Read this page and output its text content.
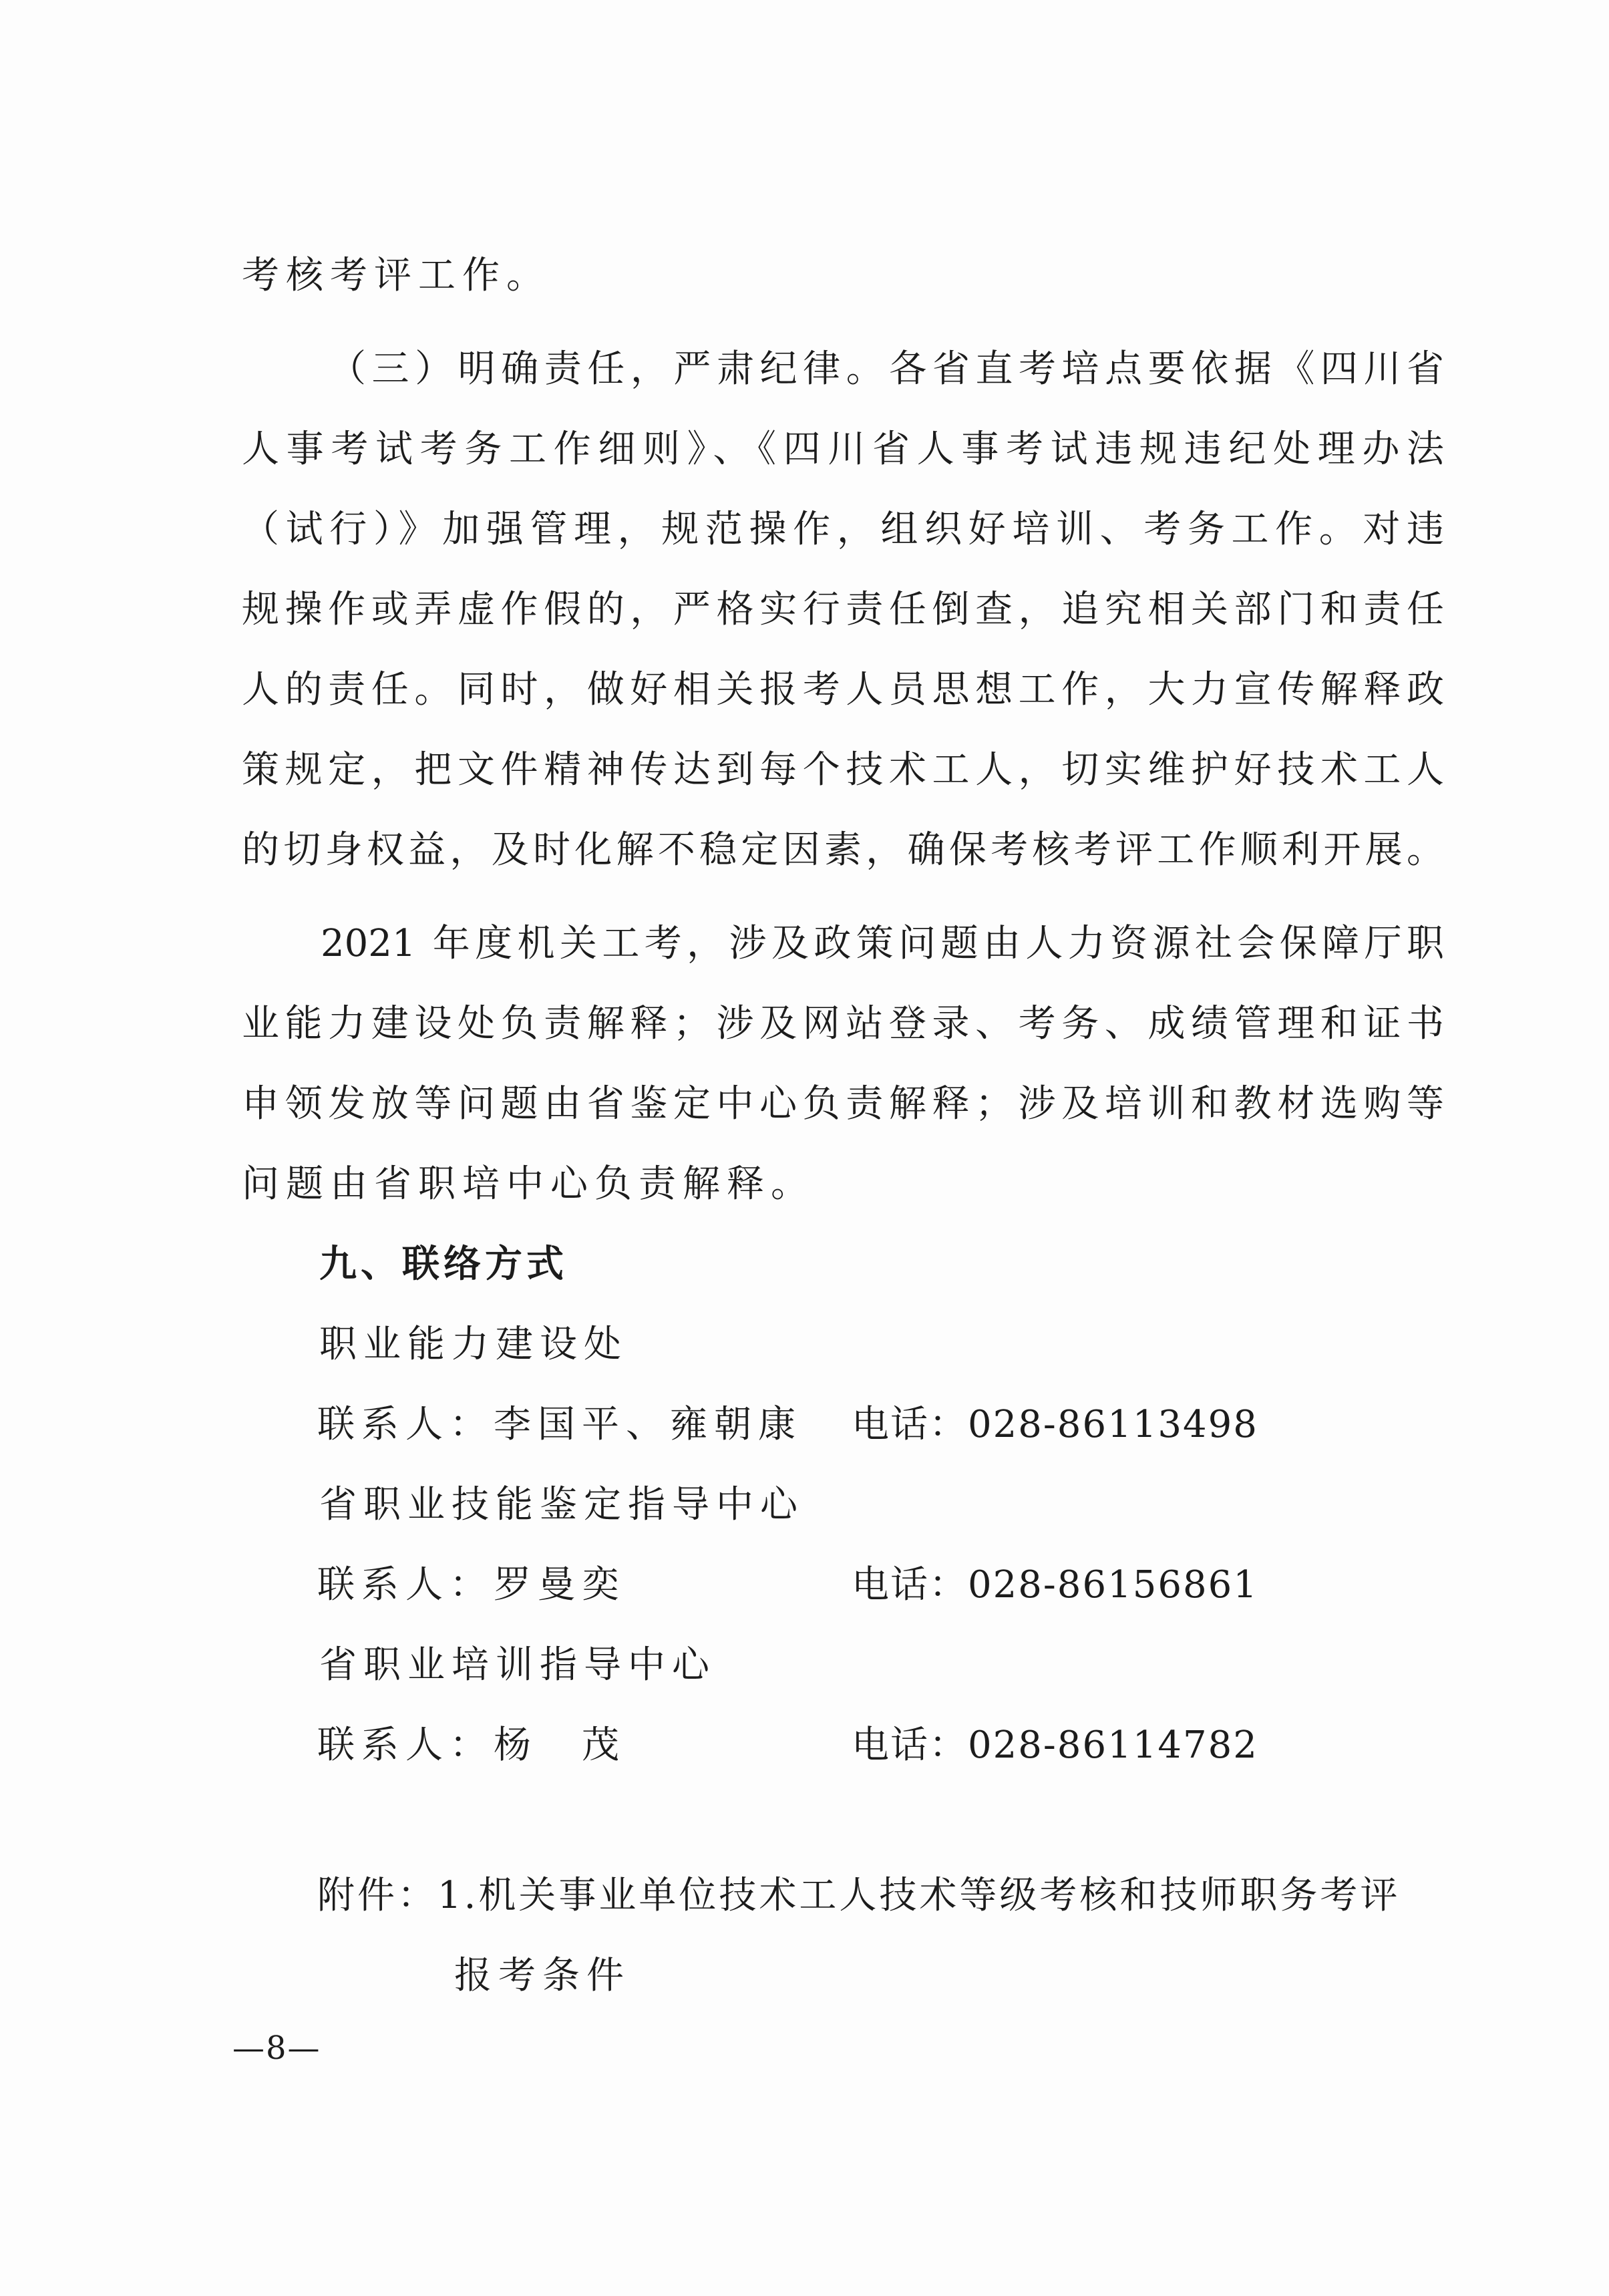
考核考评工作。
（三）明确责任，严肃纪律。各省直考培点要依据《四川省
人事考试考务工作细则》、《四川省人事考试违规违纪处理办法
（试行）》加强管理，规范操作，组织好培训、考务工作。对违
规操作或弄虚作假的，严格实行责任倒查，追究相关部门和责任
人的责任。同时，做好相关报考人员思想工作，大力宣传解释政
策规定，把文件精神传达到每个技术工人，切实维护好技术工人
的切身权益，及时化解不稳定因素，确保考核考评工作顺利开展。
2021 年度机关工考，涉及政策问题由人力资源社会保障厅职
业能力建设处负责解释；涉及网站登录、考务、成绩管理和证书
申领发放等问题由省鉴定中心负责解释；涉及培训和教材选购等
问题由省职培中心负责解释。
九、联络方式
职业能力建设处
联系人：李国平、雍朝康 电话：028-86113498
省职业技能鉴定指导中心
联系人：罗曼奕	电话：028-86156861
省职业培训指导中心
联系人：杨　茂	电话：028-86114782
附件：1.机关事业单位技术工人技术等级考核和技师职务考评
报考条件
—8—
